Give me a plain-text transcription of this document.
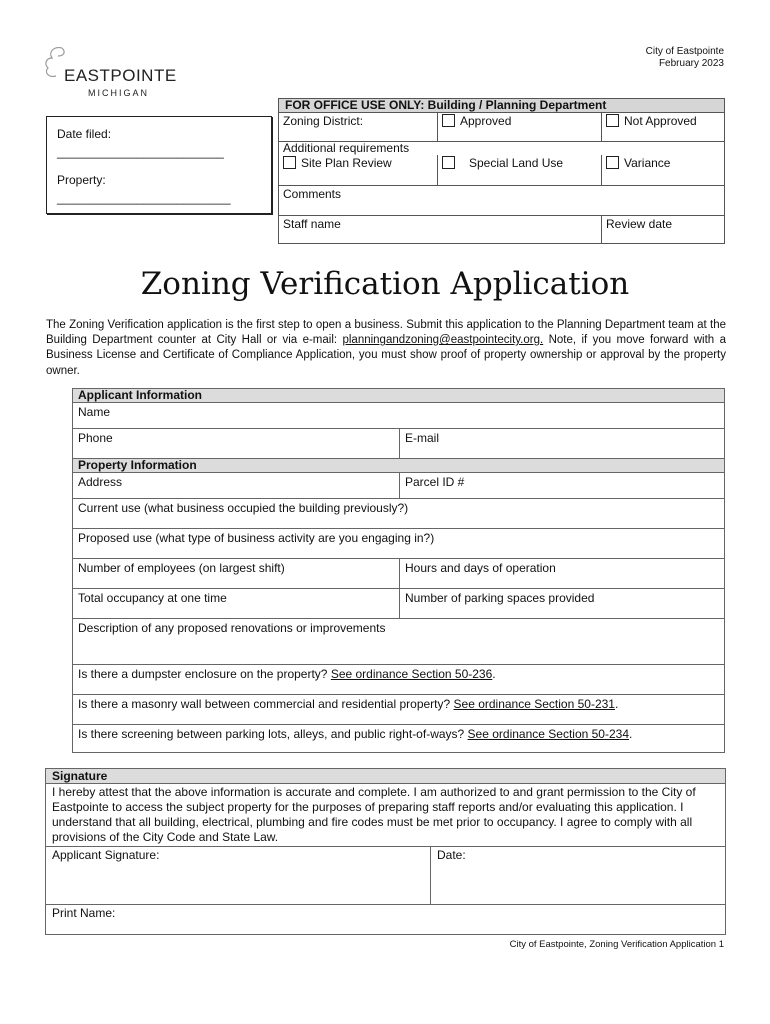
EASTPOINTE
MICHIGAN
City of Eastpointe
February 2023
Date filed:
_________________________
Property:
__________________________
FOR OFFICE USE ONLY: Building / Planning Department		
Zoning District:	Approved	Not Approved

Additional requirements		

Site Plan Review	Special Land Use	Variance
Comments		
Staff name		Review date
Zoning Verification Application
The Zoning Verification application is the first step to open a business. Submit this application to the Planning Department team at the Building Department counter at City Hall or via e-mail: planningandzoning@eastpointecity.org. Note, if you move forward with a Business License and Certificate of Compliance Application, you must show proof of property ownership or approval by the property owner.
Applicant Information	
Name	
Phone	E-mail
Property Information	
Address	Parcel ID #
Current use (what business occupied the building previously?)	
Proposed use (what type of business activity are you engaging in?)	
Number of employees (on largest shift)	Hours and days of operation
Total occupancy at one time	Number of parking spaces provided
Description of any proposed renovations or improvements	
Is there a dumpster enclosure on the property? See ordinance Section 50-236.	
Is there a masonry wall between commercial and residential property? See ordinance Section 50-231.	
Is there screening between parking lots, alleys, and public right-of-ways? See ordinance Section 50-234.	
Signature
I hereby attest that the above information is accurate and complete. I am authorized to and grant permission to the City of Eastpointe to access the subject property for the purposes of preparing staff reports and/or evaluating this application. I understand that all building, electrical, plumbing and fire codes must be met prior to occupancy. I agree to comply with all provisions of the City Code and State Law.
Applicant Signature:	Date:
Print Name:
City of Eastpointe, Zoning Verification Application 1
